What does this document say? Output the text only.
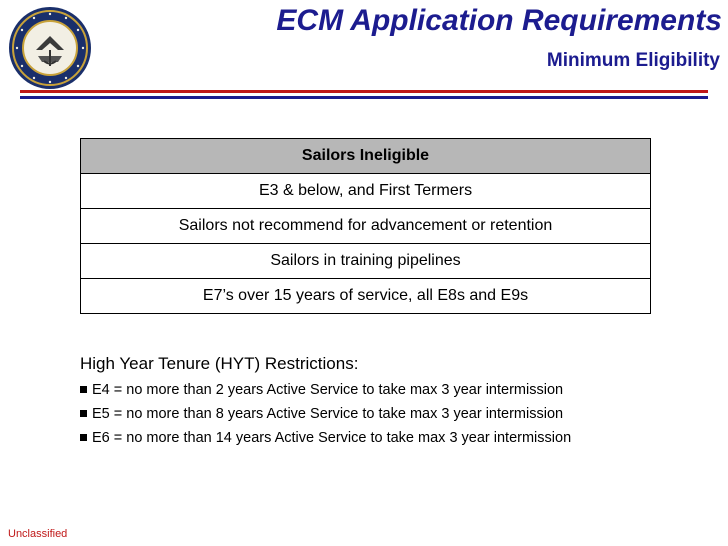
ECM Application Requirements
Minimum Eligibility
Sailors Ineligible
E3 & below, and First Termers
Sailors not recommend for advancement or retention
Sailors in training pipelines
E7’s over 15 years of service, all E8s and E9s
High Year Tenure (HYT) Restrictions:
E4 = no more than 2 years Active Service to take max 3 year intermission
E5 = no more than 8 years Active Service to take max 3 year intermission
E6 = no more than 14 years Active Service to take max 3 year intermission
Unclassified
